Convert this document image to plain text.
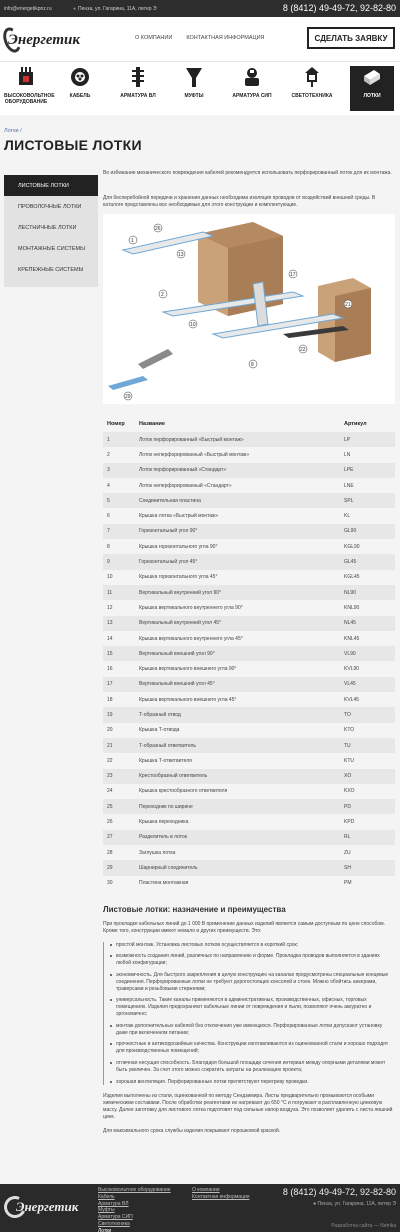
info@energetikpnz.ru	● Пенза, ул. Гагарина, 11А, литер Э	8 (8412) 49-49-72, 92-82-80
Энергетик	О КОМПАНИИ	КОНТАКТНАЯ ИНФОРМАЦИЯ	СДЕЛАТЬ ЗАЯВКУ
ВЫСОКОВОЛЬТНОЕ ОБОРУДОВАНИЕ
КАБЕЛЬ	АРМАТУРА ВЛ	МУФТЫ	АРМАТУРА СИП	СВЕТОТЕХНИКА	ЛОТКИ
Лотки /
ЛИСТОВЫЕ ЛОТКИ
ЛИСТОВЫЕ ЛОТКИ
ПРОВОЛОЧНЫЕ ЛОТКИ
ЛЕСТНИЧНЫЕ ЛОТКИ
МОНТАЖНЫЕ СИСТЕМЫ
КРЕПЕЖНЫЕ СИСТЕМЫ

Во избежание механического повреждения кабелей рекомендуется использовать перфорированный лоток для их монтажа.

Для бесперебойной передачи и хранения данных необходима изоляция проводов от воздействий внешней среды. В каталоге представлены все необходимые для этого конструкции и комплектующие.

1
26
13
2
10
17
21
22
8
29
Номер	Название	Артикул
1	Лоток перфорированный «Быстрый монтаж»	LP
2	Лоток неперфорированный «Быстрый монтаж»	LN
3	Лоток перфорированный «Стандарт»	LPE
4	Лоток неперфорированный «Стандарт»	LNE
5	Соединительная пластина	SPL
6	Крышка лотка «Быстрый монтаж»	KL
7	Горизонтальный угол 90°	GL90
8	Крышка горизонтального угла 90°	KGL90
9	Горизонтальный угол 45°	GL45
10	Крышка горизонтального угла 45°	KGL45
11	Вертикальный внутренний угол 90°	NL90
12	Крышка вертикального внутреннего угла 90°	KNL90
13	Вертикальный внутренний угол 45°	NL45
14	Крышка вертикального внутреннего угла 45°	KNL45
15	Вертикальный внешний угол 90°	VL90
16	Крышка вертикального внешнего угла 90°	KVL90
17	Вертикальный внешний угол 45°	VL45
18	Крышка вертикального внешнего угла 45°	KVL45
19	Т-образный отвод	TO
20	Крышка Т-отвода	KTO
21	Т-образный ответвитель	TU
22	Крышка Т-ответвителя	KTU
23	Крестообразный ответвитель	XO
24	Крышка крестообразного ответвителя	KXO
25	Переходник по ширине	PD
26	Крышка переходника	KPD
27	Разделитель в лоток	RL
28	Заглушка лотка	ZU
29	Шарнирный соединитель	SH
30	Пластина монтажная	PM
Листовые лотки: назначение и преимущества

При прокладке кабельных линий до 1 000 В применение данных изделий является самым доступным по цене способом. Кроме того, конструкции имеют немало и других преимуществ. Это:

простой монтаж. Установка листовых лотков осуществляется в короткий срок;
возможность создания линий, различных по направлению и форме. Прокладка проводов выполняется в зданиях любой конфигурации;
экономичность. Для быстрого закрепления в целую конструкцию на каналах предусмотрены специальные концевые соединения. Перфорированные лотки не требуют дорогостоящих консолей и стоек. Можно обойтись анкерами, траверсами и резьбовыми стержнями;
универсальность. Такие каналы применяются в административных, производственных, офисных, торговых помещениях. Изделия предохраняют кабельные линии от повреждения и пыли, позволяют очень аккуратно и эргономично;
монтаж дополнительных кабелей без отключения уже имеющихся. Перфорированные лотки допускают установку даже при включенном питании;
прочностные и антикоррозийные качества. Конструкции изготавливаются из оцинкованной стали и хорошо подходят для производственных помещений;
отличная несущая способность. Благодаря большой площади сечения интервал между опорными деталями может быть увеличен. За счет этого можно сократить затраты на реализацию проекта;
хорошая вентиляция. Перфорированные лотки препятствуют перегреву проводки.

Изделия выполнены из стали, оцинкованной по методу Сендзимира. Листы предварительно промываются особыми химическими составами. После обработки реагентами их нагревают до 650 °С и погружают в расплавленную цинковую массу. Далее заготовку для листового лотка подготовят под сильные напор воздуха. Это позволяет удалить с листа лишний цинк.

Для максимального срока службы изделия покрывают порошковой краской.

Энергетик
Высоковольтное оборудование
Кабель
Арматура ВЛ
Муфты
Арматура СИП
Светотехника
Лотки
О компании
Контактная информация	8 (8412) 49-49-72, 92-82-80
● Пенза, ул. Гагарина, 11А, литер Э
Разработка сайта — Netrika
